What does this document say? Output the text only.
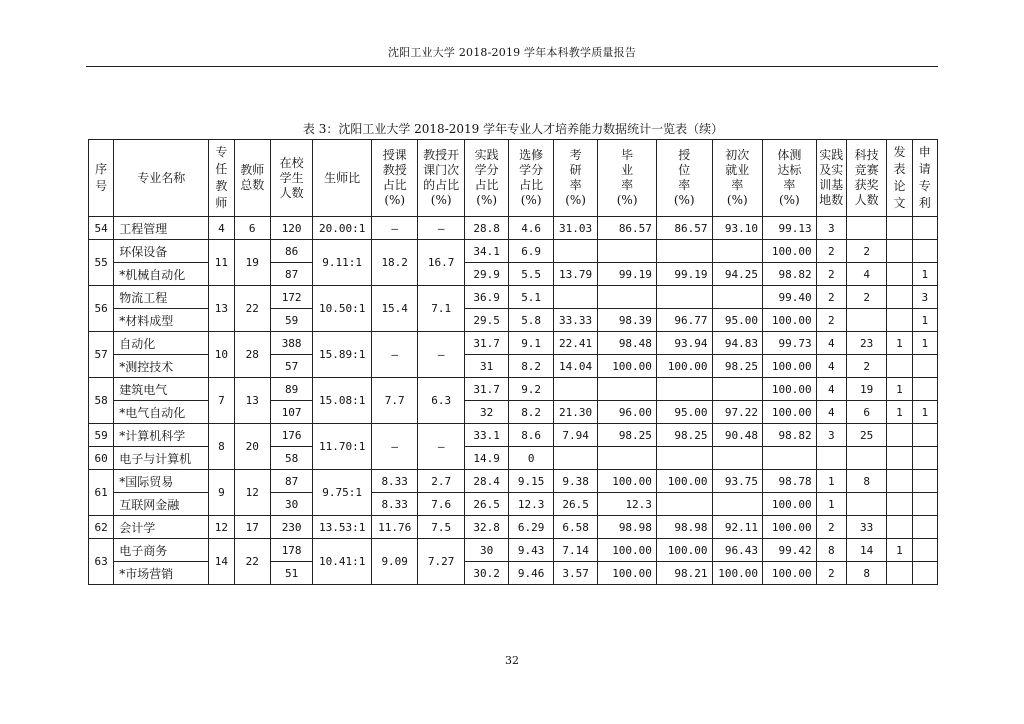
沈阳工业大学 2018-2019 学年本科教学质量报告
表 3：沈阳工业大学 2018-2019 学年专业人才培养能力数据统计一览表（续）
序
号	专业名称	专
任
教
师	教师
总数	在校
学生
人数	生师比	授课
教授
占比
(%)	教授开
课门次
的占比
(%)	实践
学分
占比
(%)	选修
学分
占比
(%)	考
研
率
(%)	毕
业
率
(%)	授
位
率
(%)	初次
就业
率
(%)	体测
达标
率
(%)	实践
及实
训基
地数	科技
竞赛
获奖
人数	发
表
论
文	申
请
专
利
54	工程管理	4	6	120	20.00:1	–	–	28.8	4.6	31.03	86.57	86.57	93.10	99.13	3			
55	环保设备	11	19	86	9.11:1	18.2	16.7	34.1	6.9					100.00	2	2		
	*机械自动化			87				29.9	5.5	13.79	99.19	99.19	94.25	98.82	2	4		1
56	物流工程	13	22	172	10.50:1	15.4	7.1	36.9	5.1					99.40	2	2		3
	*材料成型			59				29.5	5.8	33.33	98.39	96.77	95.00	100.00	2			1
57	自动化	10	28	388	15.89:1	–	–	31.7	9.1	22.41	98.48	93.94	94.83	99.73	4	23	1	1
	*测控技术			57				31	8.2	14.04	100.00	100.00	98.25	100.00	4	2		
58	建筑电气	7	13	89	15.08:1	7.7	6.3	31.7	9.2					100.00	4	19	1	
	*电气自动化			107				32	8.2	21.30	96.00	95.00	97.22	100.00	4	6	1	1
59	*计算机科学	8	20	176	11.70:1	–	–	33.1	8.6	7.94	98.25	98.25	90.48	98.82	3	25		
60	电子与计算机			58				14.9	0									
61	*国际贸易	9	12	87	9.75:1	8.33	2.7	28.4	9.15	9.38	100.00	100.00	93.75	98.78	1	8		
	互联网金融			30		8.33	7.6	26.5	12.3	26.5	12.3			100.00	1			
62	会计学	12	17	230	13.53:1	11.76	7.5	32.8	6.29	6.58	98.98	98.98	92.11	100.00	2	33		
63	电子商务	14	22	178	10.41:1	9.09	7.27	30	9.43	7.14	100.00	100.00	96.43	99.42	8	14	1	
	*市场营销			51				30.2	9.46	3.57	100.00	98.21	100.00	100.00	2	8		
32
